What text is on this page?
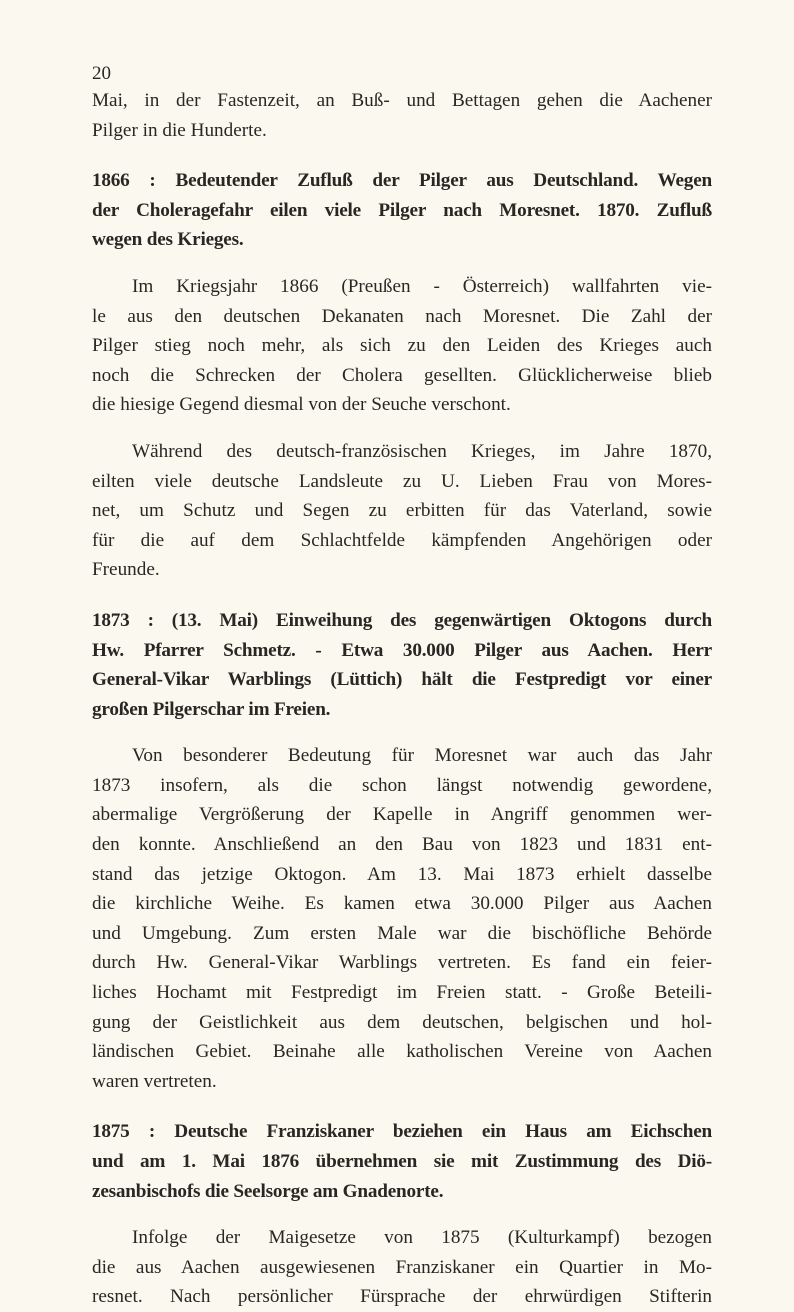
20

Mai, in der Fastenzeit, an Buß- und Bettagen gehen die Aachener
Pilger in die Hunderte.

1866 : Bedeutender Zufluß der Pilger aus Deutschland. Wegen
der Choleragefahr eilen viele Pilger nach Moresnet. 1870. Zufluß
wegen des Krieges.

Im Kriegsjahr 1866 (Preußen - Österreich) wallfahrten vie-
le aus den deutschen Dekanaten nach Moresnet. Die Zahl der
Pilger stieg noch mehr, als sich zu den Leiden des Krieges auch
noch die Schrecken der Cholera gesellten. Glücklicherweise blieb
die hiesige Gegend diesmal von der Seuche verschont.

Während des deutsch-französischen Krieges, im Jahre 1870,
eilten viele deutsche Landsleute zu U. Lieben Frau von Mores-
net, um Schutz und Segen zu erbitten für das Vaterland, sowie
für die auf dem Schlachtfelde kämpfenden Angehörigen oder
Freunde.

1873 : (13. Mai) Einweihung des gegenwärtigen Oktogons durch
Hw. Pfarrer Schmetz. - Etwa 30.000 Pilger aus Aachen. Herr
General-Vikar Warblings (Lüttich) hält die Festpredigt vor einer
großen Pilgerschar im Freien.

Von besonderer Bedeutung für Moresnet war auch das Jahr
1873 insofern, als die schon längst notwendig gewordene,
abermalige Vergrößerung der Kapelle in Angriff genommen wer-
den konnte. Anschließend an den Bau von 1823 und 1831 ent-
stand das jetzige Oktogon. Am 13. Mai 1873 erhielt dasselbe
die kirchliche Weihe. Es kamen etwa 30.000 Pilger aus Aachen
und Umgebung. Zum ersten Male war die bischöfliche Behörde
durch Hw. General-Vikar Warblings vertreten. Es fand ein feier-
liches Hochamt mit Festpredigt im Freien statt. - Große Beteili-
gung der Geistlichkeit aus dem deutschen, belgischen und hol-
ländischen Gebiet. Beinahe alle katholischen Vereine von Aachen
waren vertreten.

1875 : Deutsche Franziskaner beziehen ein Haus am Eichschen
und am 1. Mai 1876 übernehmen sie mit Zustimmung des Diö-
zesanbischofs die Seelsorge am Gnadenorte.

Infolge der Maigesetze von 1875 (Kulturkampf) bezogen
die aus Aachen ausgewiesenen Franziskaner ein Quartier in Mo-
resnet. Nach persönlicher Fürsprache der ehrwürdigen Stifterin
